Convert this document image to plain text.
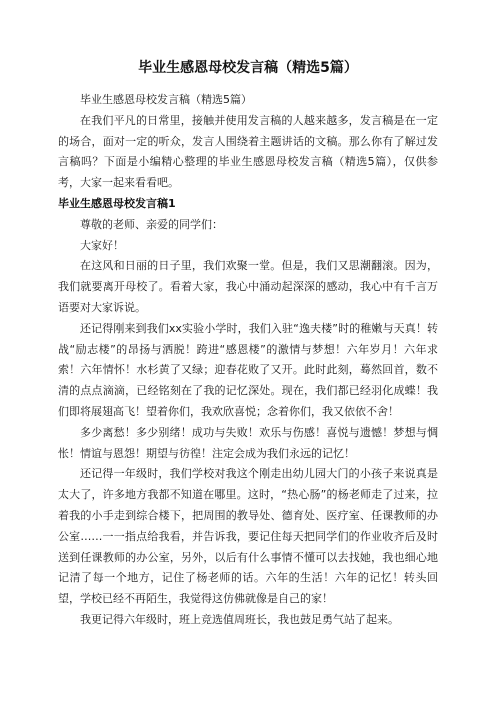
毕业生感恩母校发言稿（精选5篇）

毕业生感恩母校发言稿（精选5篇）

在我们平凡的日常里，接触并使用发言稿的人越来越多，发言稿是在一定的场合，面对一定的听众，发言人围绕着主题讲话的文稿。那么你有了解过发言稿吗？下面是小编精心整理的毕业生感恩母校发言稿（精选5篇），仅供参考，大家一起来看看吧。

毕业生感恩母校发言稿1

尊敬的老师、亲爱的同学们：

大家好！

在这风和日丽的日子里，我们欢聚一堂。但是，我们又思潮翻滚。因为，我们就要离开母校了。看着大家，我心中涌动起深深的感动，我心中有千言万语要对大家诉说。

还记得刚来到我们xx实验小学时，我们入驻“逸夫楼”时的稚嫩与天真！转战“励志楼”的昂扬与洒脱！跨进“感恩楼”的激情与梦想！六年岁月！六年求索！六年情怀！水杉黄了又绿；迎春花败了又开。此时此刻，蓦然回首，数不清的点点滴滴，已经铭刻在了我的记忆深处。现在，我们都已经羽化成蝶！我们即将展翅高飞！望着你们，我欢欣喜悦；念着你们，我又依依不舍！

多少离愁！多少别绪！成功与失败！欢乐与伤感！喜悦与遗憾！梦想与惆怅！情谊与恩怨！期望与彷徨！注定会成为我们永远的记忆！

还记得一年级时，我们学校对我这个刚走出幼儿园大门的小孩子来说真是太大了，许多地方我都不知道在哪里。这时，“热心肠”的杨老师走了过来，拉着我的小手走到综合楼下，把周围的教导处、德育处、医疗室、任课教师的办公室……一一指点给我看，并告诉我，要记住每天把同学们的作业收齐后及时送到任课教师的办公室，另外，以后有什么事情不懂可以去找她，我也细心地记清了每一个地方，记住了杨老师的话。六年的生活！六年的记忆！转头回望，学校已经不再陌生，我觉得这仿佛就像是自己的家！

我更记得六年级时，班上竞选值周班长，我也鼓足勇气站了起来。
